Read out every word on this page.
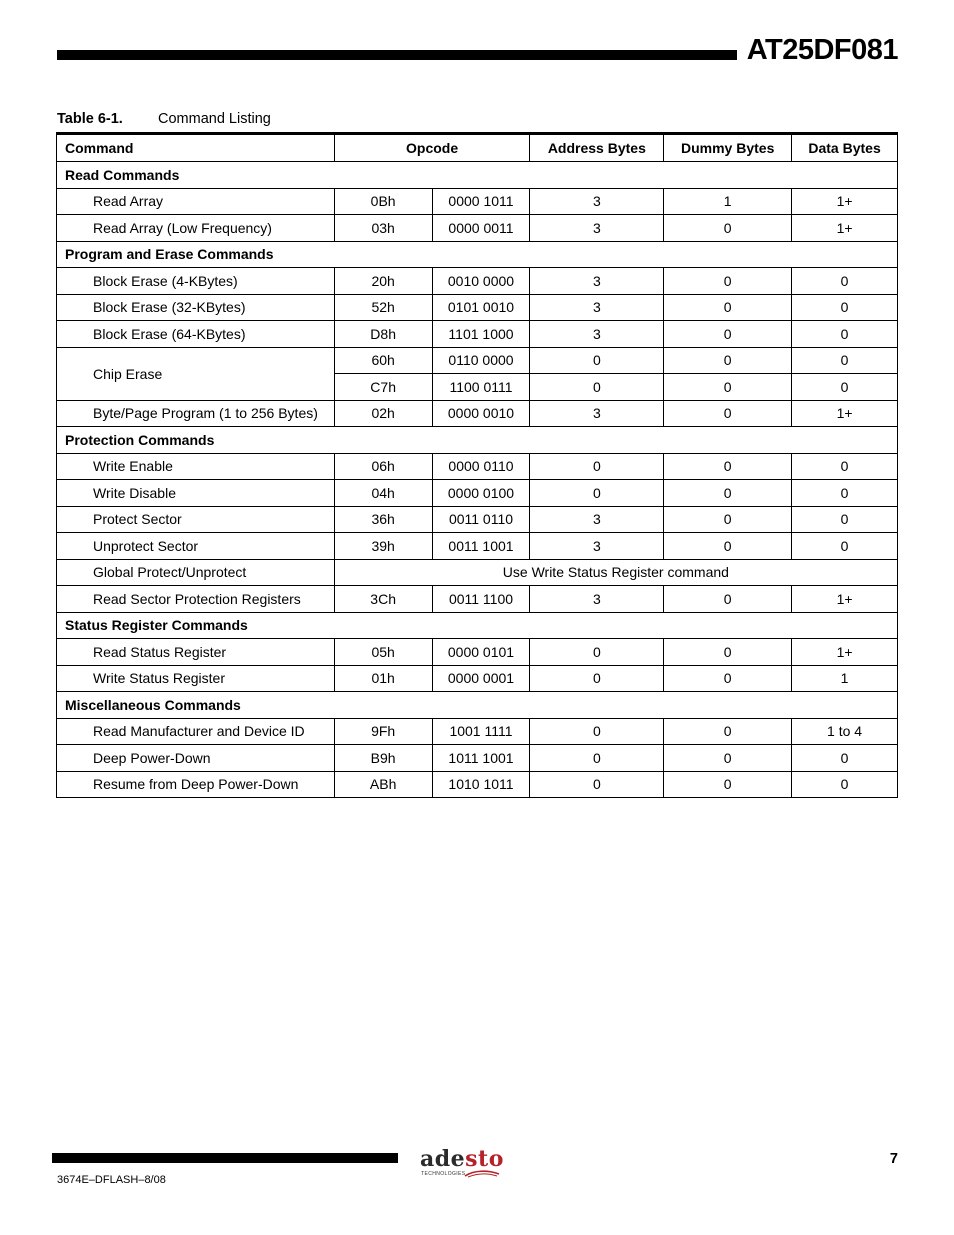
AT25DF081
Table 6-1. Command Listing
Command	Opcode		Address Bytes	Dummy Bytes	Data Bytes
Read Commands					
Read Array	0Bh	0000 1011	3	1	1+
Read Array (Low Frequency)	03h	0000 0011	3	0	1+
Program and Erase Commands					
Block Erase (4-KBytes)	20h	0010 0000	3	0	0
Block Erase (32-KBytes)	52h	0101 0010	3	0	0
Block Erase (64-KBytes)	D8h	1101 1000	3	0	0
Chip Erase	60h	0110 0000	0	0	0
	C7h	1100 0111	0	0	0
Byte/Page Program (1 to 256 Bytes)	02h	0000 0010	3	0	1+
Protection Commands					
Write Enable	06h	0000 0110	0	0	0
Write Disable	04h	0000 0100	0	0	0
Protect Sector	36h	0011 0110	3	0	0
Unprotect Sector	39h	0011 1001	3	0	0
Global Protect/Unprotect	Use Write Status Register command				
Read Sector Protection Registers	3Ch	0011 1100	3	0	1+
Status Register Commands					
Read Status Register	05h	0000 0101	0	0	1+
Write Status Register	01h	0000 0001	0	0	1
Miscellaneous Commands					
Read Manufacturer and Device ID	9Fh	1001 1111	0	0	1 to 4
Deep Power-Down	B9h	1011 1001	0	0	0
Resume from Deep Power-Down	ABh	1010 1011	0	0	0
adesto
TECHNOLOGIES
7
3674E–DFLASH–8/08
